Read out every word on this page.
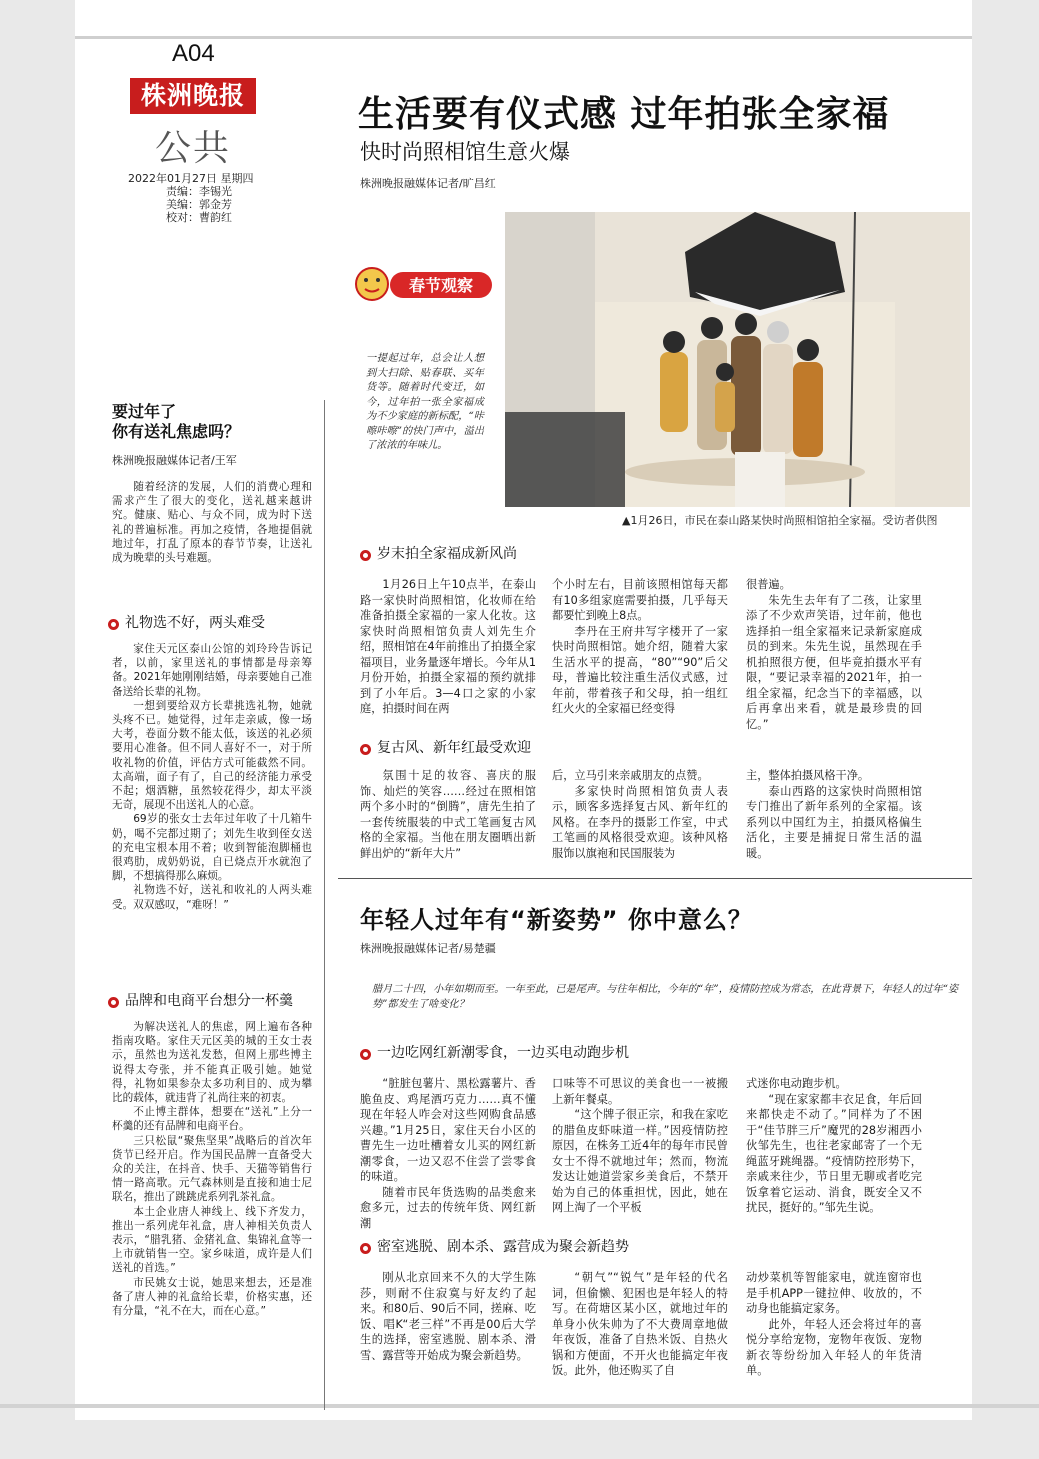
A04
株洲晚报
公共
2022年01月27日 星期四
责编：李锡光
美编：郭金芳
校对：曹韵红
生活要有仪式感 过年拍张全家福
快时尚照相馆生意火爆
株洲晚报融媒体记者/旷昌红
春节观察
一提起过年，总会让人想到大扫除、贴春联、买年货等。随着时代变迁，如今，过年拍一张全家福成为不少家庭的新标配，“咔嚓咔嚓”的快门声中，溢出了浓浓的年味儿。
▲1月26日，市民在泰山路某快时尚照相馆拍全家福。受访者供图
岁末拍全家福成新风尚

1月26日上午10点半，在泰山路一家快时尚照相馆，化妆师在给准备拍摄全家福的一家人化妆。这家快时尚照相馆负责人刘先生介绍，照相馆在4年前推出了拍摄全家福项目，业务量逐年增长。今年从1月份开始，拍摄全家福的预约就排到了小年后。3—4口之家的小家庭，拍摄时间在两

个小时左右，目前该照相馆每天都有10多组家庭需要拍摄，几乎每天都要忙到晚上8点。

李丹在王府井写字楼开了一家快时尚照相馆。她介绍，随着大家生活水平的提高，“80”“90”后父母，普遍比较注重生活仪式感，过年前，带着孩子和父母，拍一组红红火火的全家福已经变得

很普遍。

朱先生去年有了二孩，让家里添了不少欢声笑语，过年前，他也选择拍一组全家福来记录新家庭成员的到来。朱先生说，虽然现在手机拍照很方便，但毕竟拍摄水平有限，“要记录幸福的2021年，拍一组全家福，纪念当下的幸福感，以后再拿出来看，就是最珍贵的回忆。”

复古风、新年红最受欢迎

氛围十足的妆容、喜庆的服饰、灿烂的笑容……经过在照相馆两个多小时的“倒腾”，唐先生拍了一套传统服装的中式工笔画复古风格的全家福。当他在朋友圈晒出新鲜出炉的“新年大片”

后，立马引来亲戚朋友的点赞。

多家快时尚照相馆负责人表示，顾客多选择复古风、新年红的风格。在李丹的摄影工作室，中式工笔画的风格很受欢迎。该种风格服饰以旗袍和民国服装为

主，整体拍摄风格干净。

泰山西路的这家快时尚照相馆专门推出了新年系列的全家福。该系列以中国红为主，拍摄风格偏生活化，主要是捕捉日常生活的温暖。

要过年了
你有送礼焦虑吗？
株洲晚报融媒体记者/王军

随着经济的发展，人们的消费心理和需求产生了很大的变化，送礼越来越讲究。健康、贴心、与众不同，成为时下送礼的普遍标准。再加之疫情，各地提倡就地过年，打乱了原本的春节节奏，让送礼成为晚辈的头号难题。

礼物选不好，两头难受

家住天元区泰山公馆的刘玲玲告诉记者，以前，家里送礼的事情都是母亲筹备。2021年她刚刚结婚，母亲要她自己准备送给长辈的礼物。

一想到要给双方长辈挑选礼物，她就头疼不已。她觉得，过年走亲戚，像一场大考，卷面分数不能太低，该送的礼必须要用心准备。但不同人喜好不一，对于所收礼物的价值，评估方式可能截然不同。太高端，面子有了，自己的经济能力承受不起；烟酒糖，虽然较花得少，却太平淡无奇，展现不出送礼人的心意。

69岁的张女士去年过年收了十几箱牛奶，喝不完都过期了；刘先生收到侄女送的充电宝根本用不着；收到智能泡脚桶也很鸡肋，成奶奶说，自已烧点开水就泡了脚，不想搞得那么麻烦。

礼物选不好，送礼和收礼的人两头难受。双双感叹，“难呀！”

品牌和电商平台想分一杯羹

为解决送礼人的焦虑，网上遍布各种指南攻略。家住天元区美的城的王女士表示，虽然也为送礼发愁，但网上那些博主说得太夸张，并不能真正吸引她。她觉得，礼物如果参杂太多功利目的、成为攀比的载体，就违背了礼尚往来的初衷。

不止博主群体，想要在“送礼”上分一杯羹的还有品牌和电商平台。

三只松鼠“聚焦坚果”战略后的首次年货节已经开启。作为国民品牌一直备受大众的关注，在抖音、快手、天猫等销售行情一路高歌。元气森林则是直接和迪士尼联名，推出了跳跳虎系列乳茶礼盒。

本土企业唐人神线上、线下齐发力，推出一系列虎年礼盒，唐人神相关负责人表示，“腊乳猪、金猪礼盒、集锦礼盒等一上市就销售一空。家乡味道，成许是人们送礼的首选。”

市民姚女士说，她思来想去，还是准备了唐人神的礼盒给长辈，价格实惠，还有分量，“礼不在大，而在心意。”

年轻人过年有“新姿势” 你中意么？
株洲晚报融媒体记者/易楚疆
腊月二十四，小年如期而至。一年至此，已是尾声。与往年相比，今年的“年”，疫情防控成为常态，在此背景下，年轻人的过年“姿势”都发生了啥变化？
一边吃网红新潮零食，一边买电动跑步机

“脏脏包薯片、黑松露薯片、香脆鱼皮、鸡尾酒巧克力……真不懂现在年轻人咋会对这些网购食品感兴趣。”1月25日，家住天台小区的曹先生一边吐槽着女儿买的网红新潮零食，一边又忍不住尝了尝零食的味道。

随着市民年货选购的品类愈来愈多元，过去的传统年货、网红新潮

口味等不可思议的美食也一一被搬上新年餐桌。

“这个牌子很正宗，和我在家吃的腊鱼皮虾味道一样。”因疫情防控原因，在株务工近4年的每年市民曾女士不得不就地过年；然而，物流发达让她道尝家乡美食后，不禁开始为自己的体重担忧，因此，她在网上淘了一个平板

式迷你电动跑步机。

“现在家家都丰衣足食，年后回来都快走不动了。”同样为了不困于“佳节胖三斤”魔咒的28岁湘西小伙邹先生，也往老家邮寄了一个无绳蓝牙跳绳器。“疫情防控形势下，亲戚来往少，节日里无聊或者吃完饭拿着它运动、消食，既安全又不扰民，挺好的。”邹先生说。

密室逃脱、剧本杀、露营成为聚会新趋势

刚从北京回来不久的大学生陈莎，则耐不住寂寞与好友约了起来。和80后、90后不同，搓麻、吃饭、唱K“老三样”不再是00后大学生的选择，密室逃脱、剧本杀、滑雪、露营等开始成为聚会新趋势。

“朝气”“锐气”是年轻的代名词，但偷懒、犯困也是年轻人的特写。在荷塘区某小区，就地过年的单身小伙朱帅为了不大费周章地做年夜饭，准备了自热米饭、自热火锅和方便面，不开火也能搞定年夜饭。此外，他还购买了自

动炒菜机等智能家电，就连窗帘也是手机APP一键拉伸、收放的，不动身也能搞定家务。

此外，年轻人还会将过年的喜悦分享给宠物，宠物年夜饭、宠物新衣等纷纷加入年轻人的年货清单。
